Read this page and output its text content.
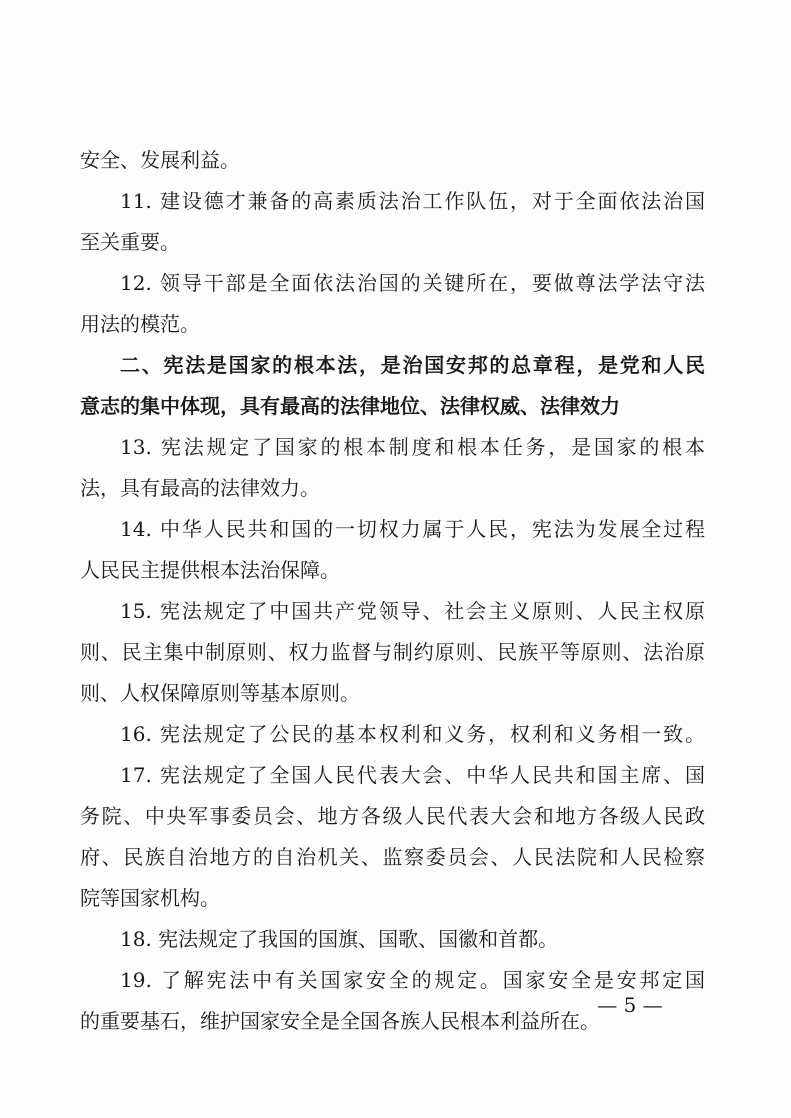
安全、发展利益。
11. 建设德才兼备的高素质法治工作队伍，对于全面依法治国
至关重要。
12. 领导干部是全面依法治国的关键所在，要做尊法学法守法
用法的模范。
二、宪法是国家的根本法，是治国安邦的总章程，是党和人民
意志的集中体现，具有最高的法律地位、法律权威、法律效力
13. 宪法规定了国家的根本制度和根本任务，是国家的根本
法，具有最高的法律效力。
14. 中华人民共和国的一切权力属于人民，宪法为发展全过程
人民民主提供根本法治保障。
15. 宪法规定了中国共产党领导、社会主义原则、人民主权原
则、民主集中制原则、权力监督与制约原则、民族平等原则、法治原
则、人权保障原则等基本原则。
16. 宪法规定了公民的基本权利和义务，权利和义务相一致。
17. 宪法规定了全国人民代表大会、中华人民共和国主席、国
务院、中央军事委员会、地方各级人民代表大会和地方各级人民政
府、民族自治地方的自治机关、监察委员会、人民法院和人民检察
院等国家机构。
18. 宪法规定了我国的国旗、国歌、国徽和首都。
19. 了解宪法中有关国家安全的规定。国家安全是安邦定国
的重要基石，维护国家安全是全国各族人民根本利益所在。
— 5 —
